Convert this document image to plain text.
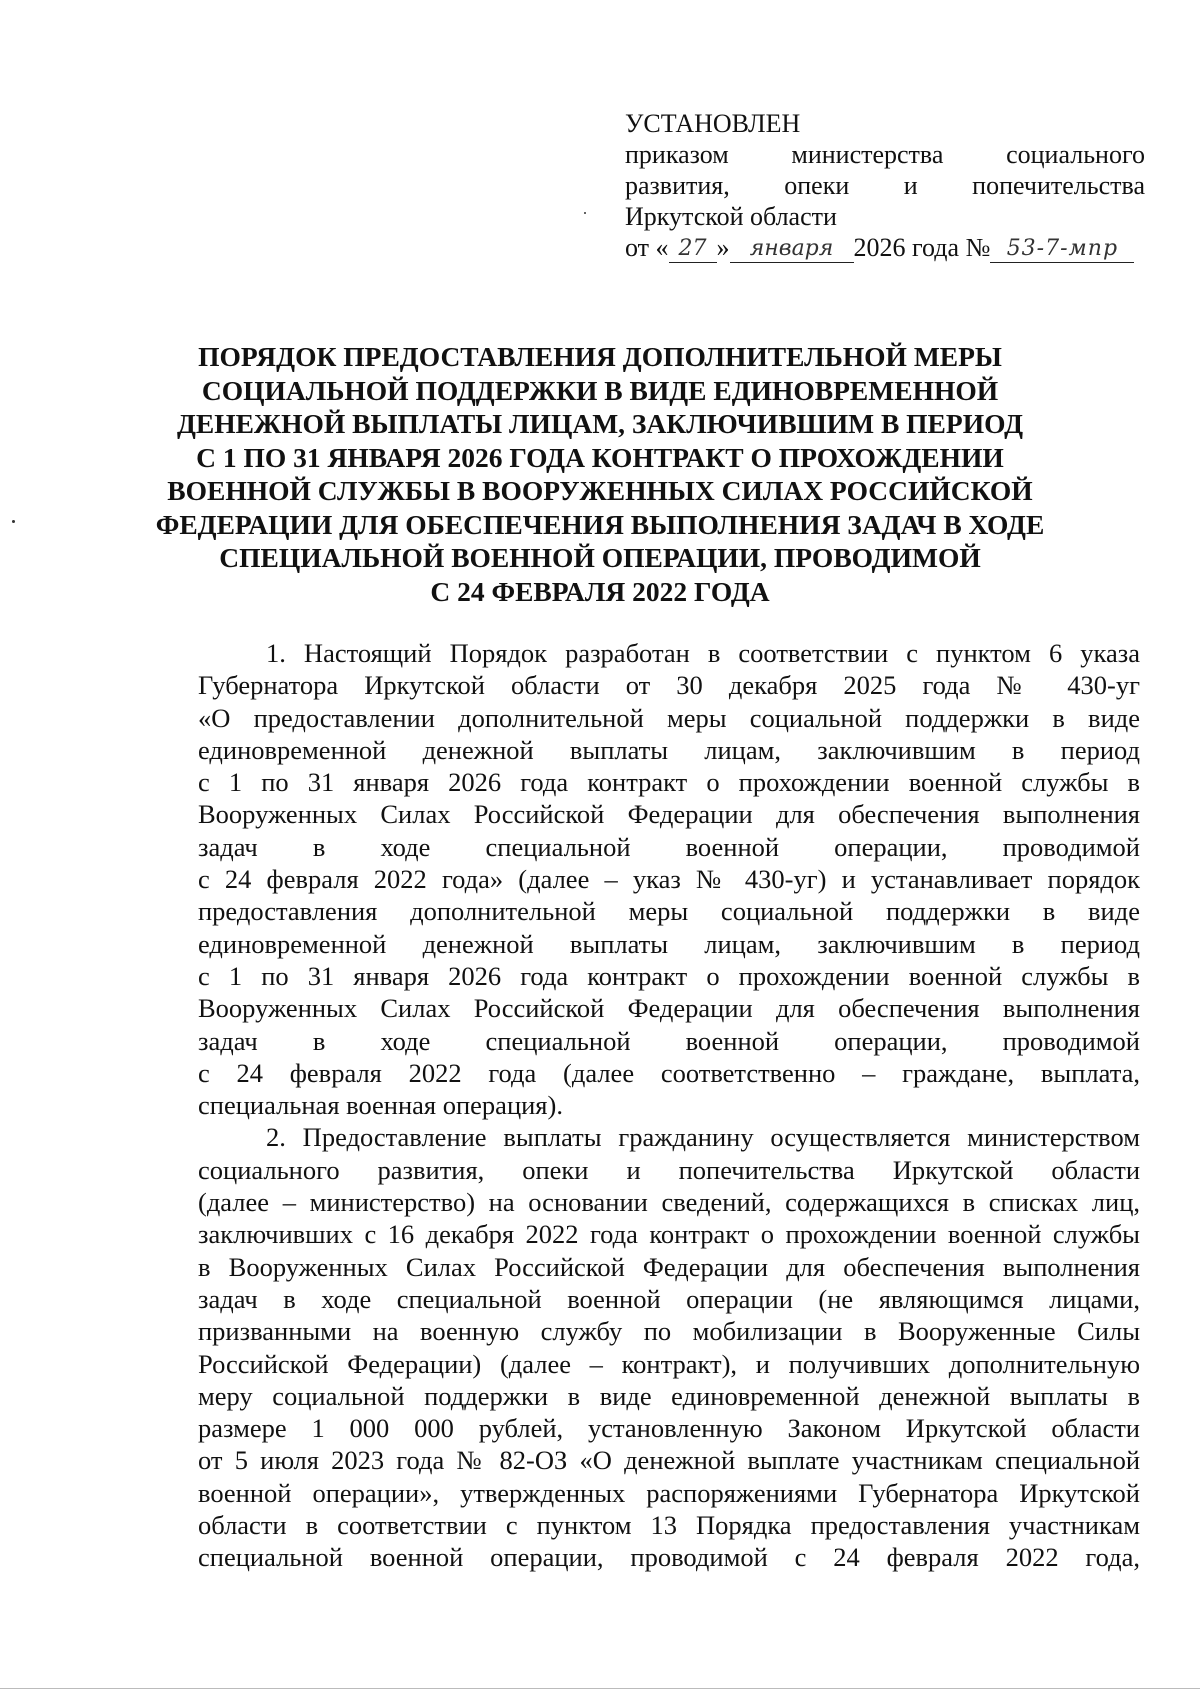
УСТАНОВЛЕН
приказом министерства социального
развития, опеки и попечительства
Иркутской области
от « 27 » января 2026 года № 53-7-мпр
ПОРЯДОК ПРЕДОСТАВЛЕНИЯ ДОПОЛНИТЕЛЬНОЙ МЕРЫ
СОЦИАЛЬНОЙ ПОДДЕРЖКИ В ВИДЕ ЕДИНОВРЕМЕННОЙ
ДЕНЕЖНОЙ ВЫПЛАТЫ ЛИЦАМ, ЗАКЛЮЧИВШИМ В ПЕРИОД
С 1 ПО 31 ЯНВАРЯ 2026 ГОДА КОНТРАКТ О ПРОХОЖДЕНИИ
ВОЕННОЙ СЛУЖБЫ В ВООРУЖЕННЫХ СИЛАХ РОССИЙСКОЙ
ФЕДЕРАЦИИ ДЛЯ ОБЕСПЕЧЕНИЯ ВЫПОЛНЕНИЯ ЗАДАЧ В ХОДЕ
СПЕЦИАЛЬНОЙ ВОЕННОЙ ОПЕРАЦИИ, ПРОВОДИМОЙ
С 24 ФЕВРАЛЯ 2022 ГОДА
1. Настоящий Порядок разработан в соответствии с пунктом 6 указа
Губернатора Иркутской области от 30 декабря 2025 года № 430-уг
«О предоставлении дополнительной меры социальной поддержки в виде
единовременной денежной выплаты лицам, заключившим в период
с 1 по 31 января 2026 года контракт о прохождении военной службы в
Вооруженных Силах Российской Федерации для обеспечения выполнения
задач в ходе специальной военной операции, проводимой
с 24 февраля 2022 года» (далее – указ № 430-уг) и устанавливает порядок
предоставления дополнительной меры социальной поддержки в виде
единовременной денежной выплаты лицам, заключившим в период
с 1 по 31 января 2026 года контракт о прохождении военной службы в
Вооруженных Силах Российской Федерации для обеспечения выполнения
задач в ходе специальной военной операции, проводимой
с 24 февраля 2022 года (далее соответственно – граждане, выплата,
специальная военная операция).
2. Предоставление выплаты гражданину осуществляется министерством
социального развития, опеки и попечительства Иркутской области
(далее – министерство) на основании сведений, содержащихся в списках лиц,
заключивших с 16 декабря 2022 года контракт о прохождении военной службы
в Вооруженных Силах Российской Федерации для обеспечения выполнения
задач в ходе специальной военной операции (не являющимся лицами,
призванными на военную службу по мобилизации в Вооруженные Силы
Российской Федерации) (далее – контракт), и получивших дополнительную
меру социальной поддержки в виде единовременной денежной выплаты в
размере 1 000 000 рублей, установленную Законом Иркутской области
от 5 июля 2023 года № 82-ОЗ «О денежной выплате участникам специальной
военной операции», утвержденных распоряжениями Губернатора Иркутской
области в соответствии с пунктом 13 Порядка предоставления участникам
специальной военной операции, проводимой с 24 февраля 2022 года,
